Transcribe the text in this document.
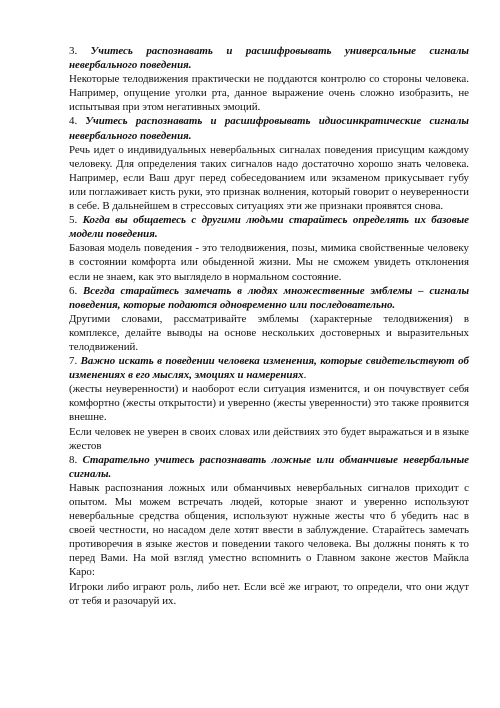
3. Учитесь распознавать и расшифровывать универсальные сигналы невербального поведения.

Некоторые телодвижения практически не поддаются контролю со стороны человека. Например, опущение уголки рта, данное выражение очень сложно изобразить, не испытывая при этом негативных эмоций.

4. Учитесь распознавать и расшифровывать идиосинкратические сигналы невербального поведения.

Речь идет о индивидуальных невербальных сигналах поведения присущим каждому человеку. Для определения таких сигналов надо достаточно хорошо знать человека. Например, если Ваш друг перед собеседованием или экзаменом прикусывает губу или поглаживает кисть руки, это признак волнения, который говорит о неуверенности в себе. В дальнейшем в стрессовых ситуациях эти же признаки проявятся снова.

5. Когда вы общаетесь с другими людьми старайтесь определять их базовые модели поведения.

Базовая модель поведения - это телодвижения, позы, мимика свойственные человеку в состоянии комфорта или обыденной жизни. Мы не сможем увидеть отклонения если не знаем, как это выглядело в нормальном состояние.

6. Всегда старайтесь замечать в людях множественные эмблемы – сигналы поведения, которые подаются одновременно или последовательно.

Другими словами, рассматривайте эмблемы (характерные телодвижения) в комплексе, делайте выводы на основе нескольких достоверных и выразительных телодвижений.

7. Важно искать в поведении человека изменения, которые свидетельствуют об изменениях в его мыслях, эмоциях и намерениях.

(жесты неуверенности) и наоборот если ситуация изменится, и он почувствует себя комфортно (жесты открытости) и уверенно (жесты уверенности) это также проявится внешне.

Если человек не уверен в своих словах или действиях это будет выражаться и в языке жестов

8. Старательно учитесь распознавать ложные или обманчивые невербальные сигналы.

Навык распознания ложных или обманчивых невербальных сигналов приходит с опытом. Мы можем встречать людей, которые знают и уверенно используют невербальные средства общения, используют нужные жесты что б убедить нас в своей честности, но насадом деле хотят ввести в заблуждение. Старайтесь замечать противоречия в языке жестов и поведении такого человека. Вы должны понять к то перед Вами. На мой взгляд уместно вспомнить о Главном законе жестов Майкла Каро:

Игроки либо играют роль, либо нет. Если всё же играют, то определи, что они ждут от тебя и разочаруй их.
